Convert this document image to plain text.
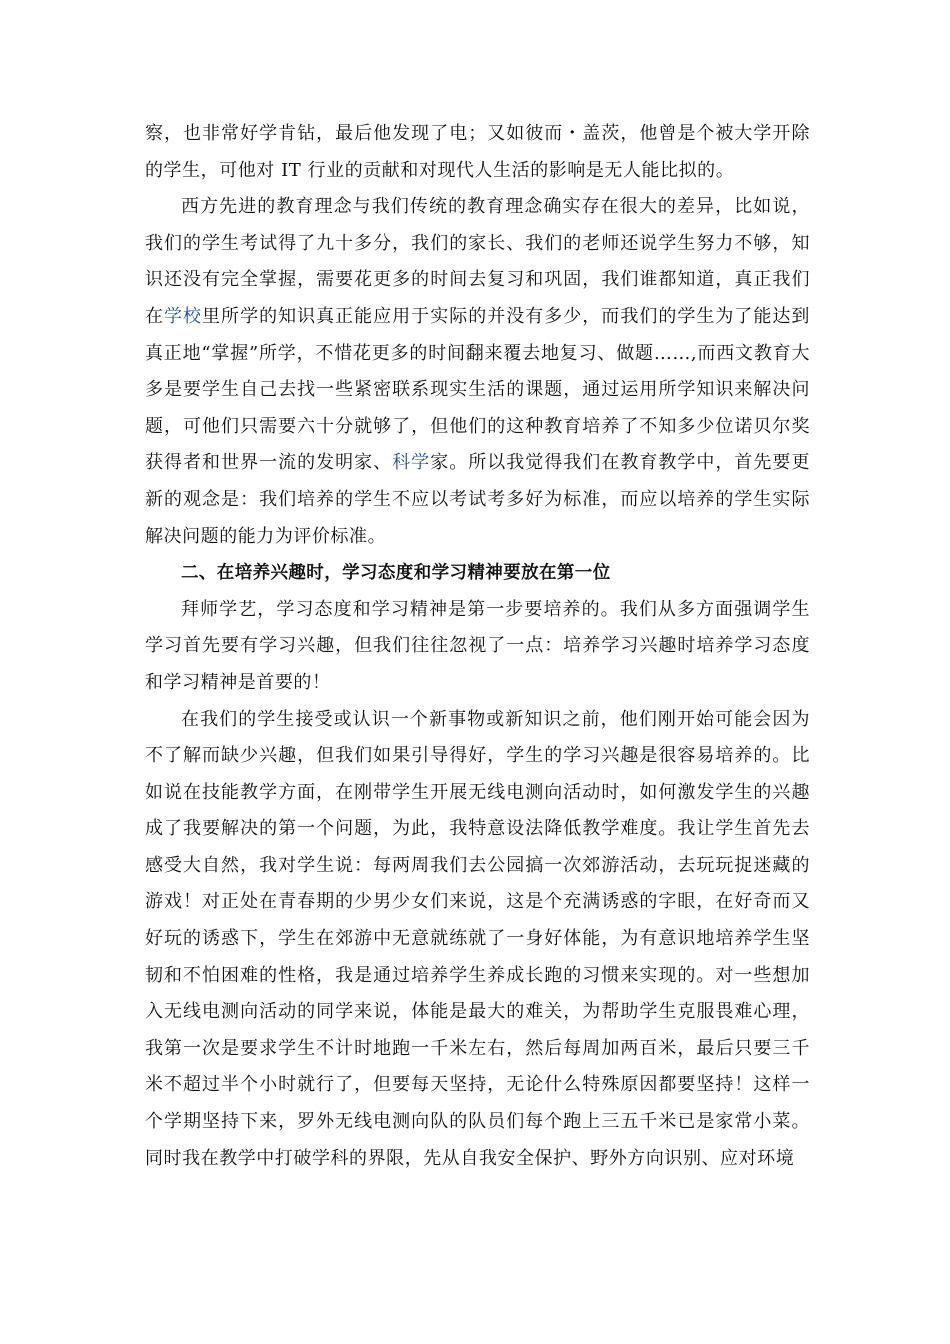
察，也非常好学肯钻，最后他发现了电；又如彼而・盖茨，他曾是个被大学开除的学生，可他对 IT 行业的贡献和对现代人生活的影响是无人能比拟的。

西方先进的教育理念与我们传统的教育理念确实存在很大的差异，比如说，我们的学生考试得了九十多分，我们的家长、我们的老师还说学生努力不够，知识还没有完全掌握，需要花更多的时间去复习和巩固，我们谁都知道，真正我们在学校里所学的知识真正能应用于实际的并没有多少，而我们的学生为了能达到真正地“掌握”所学，不惜花更多的时间翻来覆去地复习、做题……,而西文教育大多是要学生自己去找一些紧密联系现实生活的课题，通过运用所学知识来解决问题，可他们只需要六十分就够了，但他们的这种教育培养了不知多少位诺贝尔奖获得者和世界一流的发明家、科学家。所以我觉得我们在教育教学中，首先要更新的观念是：我们培养的学生不应以考试考多好为标准，而应以培养的学生实际解决问题的能力为评价标准。

二、在培养兴趣时，学习态度和学习精神要放在第一位

拜师学艺，学习态度和学习精神是第一步要培养的。我们从多方面强调学生学习首先要有学习兴趣，但我们往往忽视了一点：培养学习兴趣时培养学习态度和学习精神是首要的！

在我们的学生接受或认识一个新事物或新知识之前，他们刚开始可能会因为不了解而缺少兴趣，但我们如果引导得好，学生的学习兴趣是很容易培养的。比如说在技能教学方面，在刚带学生开展无线电测向活动时，如何激发学生的兴趣成了我要解决的第一个问题，为此，我特意设法降低教学难度。我让学生首先去感受大自然，我对学生说：每两周我们去公园搞一次郊游活动，去玩玩捉迷藏的游戏！对正处在青春期的少男少女们来说，这是个充满诱惑的字眼，在好奇而又好玩的诱惑下，学生在郊游中无意就练就了一身好体能，为有意识地培养学生坚韧和不怕困难的性格，我是通过培养学生养成长跑的习惯来实现的。对一些想加入无线电测向活动的同学来说，体能是最大的难关，为帮助学生克服畏难心理，我第一次是要求学生不计时地跑一千米左右，然后每周加两百米，最后只要三千米不超过半个小时就行了，但要每天坚持，无论什么特殊原因都要坚持！这样一个学期坚持下来，罗外无线电测向队的队员们每个跑上三五千米已是家常小菜。同时我在教学中打破学科的界限，先从自我安全保护、野外方向识别、应对环境
